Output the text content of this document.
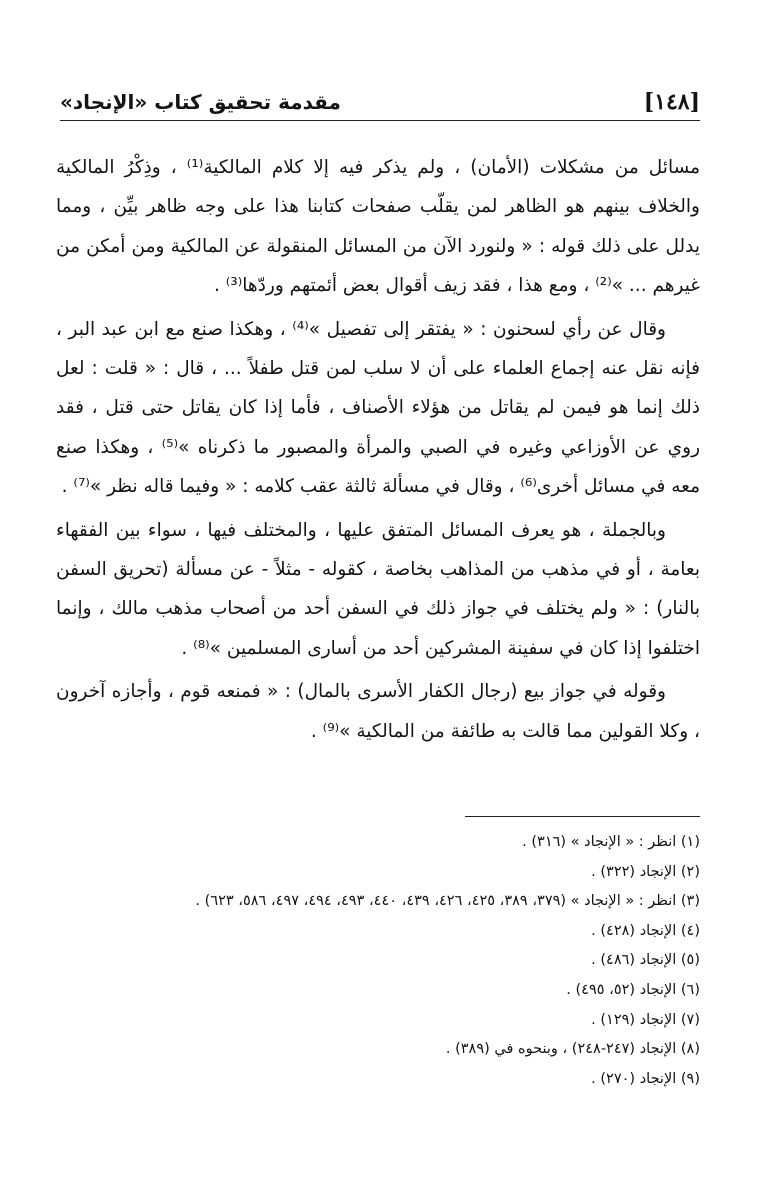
[١٤٨]
مقدمة تحقيق كتاب «الإنجاد»

مسائل من مشكلات (الأمان) ، ولم يذكر فيه إلا كلام المالكية⁽¹⁾ ، وذِكْرُ المالكية والخلاف بينهم هو الظاهر لمن يقلّب صفحات كتابنا هذا على وجه ظاهر بيِّن ، ومما يدلل على ذلك قوله : « ولنورد الآن من المسائل المنقولة عن المالكية ومن أمكن من غيرهم ... »⁽²⁾ ، ومع هذا ، فقد زيف أقوال بعض أئمتهم وردّها⁽³⁾ .

وقال عن رأي لسحنون : « يفتقر إلى تفصيل »⁽⁴⁾ ، وهكذا صنع مع ابن عبد البر ، فإنه نقل عنه إجماع العلماء على أن لا سلب لمن قتل طفلاً ... ، قال : « قلت : لعل ذلك إنما هو فيمن لم يقاتل من هؤلاء الأصناف ، فأما إذا كان يقاتل حتى قتل ، فقد روي عن الأوزاعي وغيره في الصبي والمرأة والمصبور ما ذكرناه »⁽⁵⁾ ، وهكذا صنع معه في مسائل أخرى⁽⁶⁾ ، وقال في مسألة ثالثة عقب كلامه : « وفيما قاله نظر »⁽⁷⁾ .

وبالجملة ، هو يعرف المسائل المتفق عليها ، والمختلف فيها ، سواء بين الفقهاء بعامة ، أو في مذهب من المذاهب بخاصة ، كقوله - مثلاً - عن مسألة (تحريق السفن بالنار) : « ولم يختلف في جواز ذلك في السفن أحد من أصحاب مذهب مالك ، وإنما اختلفوا إذا كان في سفينة المشركين أحد من أسارى المسلمين »⁽⁸⁾ .

وقوله في جواز بيع (رجال الكفار الأسرى بالمال) : « فمنعه قوم ، وأجازه آخرون ، وكلا القولين مما قالت به طائفة من المالكية »⁽⁹⁾ .

(١) انظر : « الإنجاد » (٣١٦) .

(٢) الإنجاد (٣٢٢) .

(٣) انظر : « الإنجاد » (٣٧٩، ٣٨٩، ٤٢٥، ٤٢٦، ٤٣٩، ٤٤٠، ٤٩٣، ٤٩٤، ٤٩٧، ٥٨٦، ٦٢٣) .

(٤) الإنجاد (٤٢٨) .

(٥) الإنجاد (٤٨٦) .

(٦) الإنجاد (٥٢، ٤٩٥) .

(٧) الإنجاد (١٢٩) .

(٨) الإنجاد (٢٤٧-٢٤٨) ، وبنحوه في (٣٨٩) .

(٩) الإنجاد (٢٧٠) .
